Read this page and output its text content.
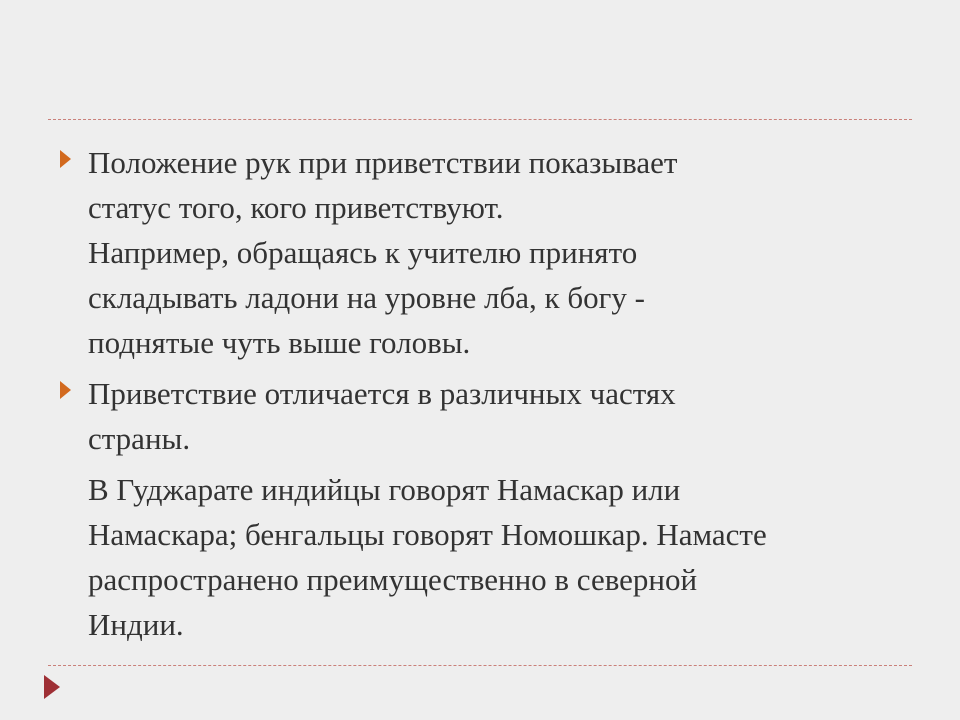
Положение рук при приветствии показывает
статус того, кого приветствуют.
Например, обращаясь к учителю принято
складывать ладони на уровне лба, к богу -
поднятые чуть выше головы.
Приветствие отличается в различных частях
страны.
В Гуджарате индийцы говорят Намаскар или
Намаскара; бенгальцы говорят Номошкар. Намасте
распространено преимущественно в северной
Индии.
